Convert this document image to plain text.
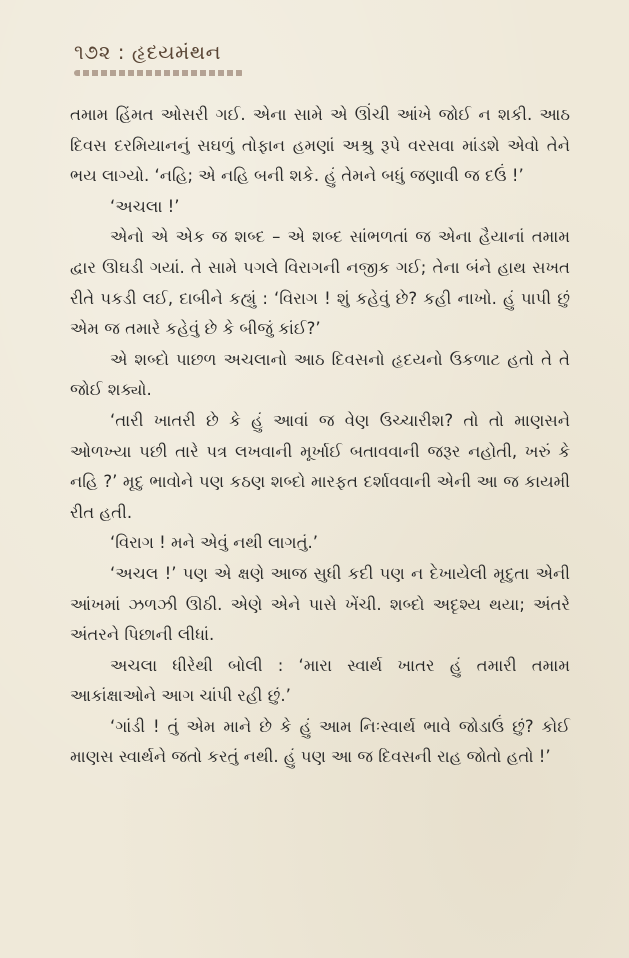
૧૭૨ : હૃદયમંથન

તમામ હિંમત ઓસરી ગઈ. એના સામે એ ઊંચી આંખે જોઈ ન શકી. આઠ દિવસ દરમિયાનનું સઘળું તોફાન હમણાં અશ્રુ રૂપે વરસવા માંડશે એવો તેને ભય લાગ્યો. ‘નહિ; એ નહિ બની શકે. હું તેમને બધું જણાવી જ દઉં !’

‘અચલા !’

એનો એ એક જ શબ્દ – એ શબ્દ સાંભળતાં જ એના હૈયાનાં તમામ દ્વાર ઊઘડી ગયાં. તે સામે પગલે વિરાગની નજીક ગઈ; તેના બંને હાથ સખત રીતે પકડી લઈ, દાબીને કહ્યું : ‘વિરાગ ! શું કહેવું છે? કહી નાખો. હું પાપી છું એમ જ તમારે કહેવું છે કે બીજું કાંઈ?’

એ શબ્દો પાછળ અચલાનો આઠ દિવસનો હૃદયનો ઉકળાટ હતો તે તે જોઈ શક્યો.

‘તારી ખાતરી છે કે હું આવાં જ વેણ ઉચ્ચારીશ? તો તો માણસને ઓળખ્યા પછી તારે પત્ર લખવાની મૂર્ખાઈ બતાવવાની જરૂર નહોતી, ખરું કે નહિ ?’ મૃદુ ભાવોને પણ કઠણ શબ્દો મારફત દર્શાવવાની એની આ જ કાયમી રીત હતી.

‘વિરાગ ! મને એવું નથી લાગતું.’

‘અચલ !’ પણ એ ક્ષણે આજ સુધી કદી પણ ન દેખાયેલી મૃદુતા એની આંખમાં ઝળઝી ઊઠી. એણે એને પાસે ખેંચી. શબ્દો અદૃશ્ય થયા; અંતરે અંતરને પિછાની લીધાં.

અચલા ધીરેથી બોલી : ‘મારા સ્વાર્થ ખાતર હું તમારી તમામ આકાંક્ષાઓને આગ ચાંપી રહી છું.’

‘ગાંડી ! તું એમ માને છે કે હું આમ નિઃસ્વાર્થ ભાવે જોડાઉં છું? કોઈ માણસ સ્વાર્થને જતો કરતું નથી. હું પણ આ જ દિવસની રાહ જોતો હતો !’
